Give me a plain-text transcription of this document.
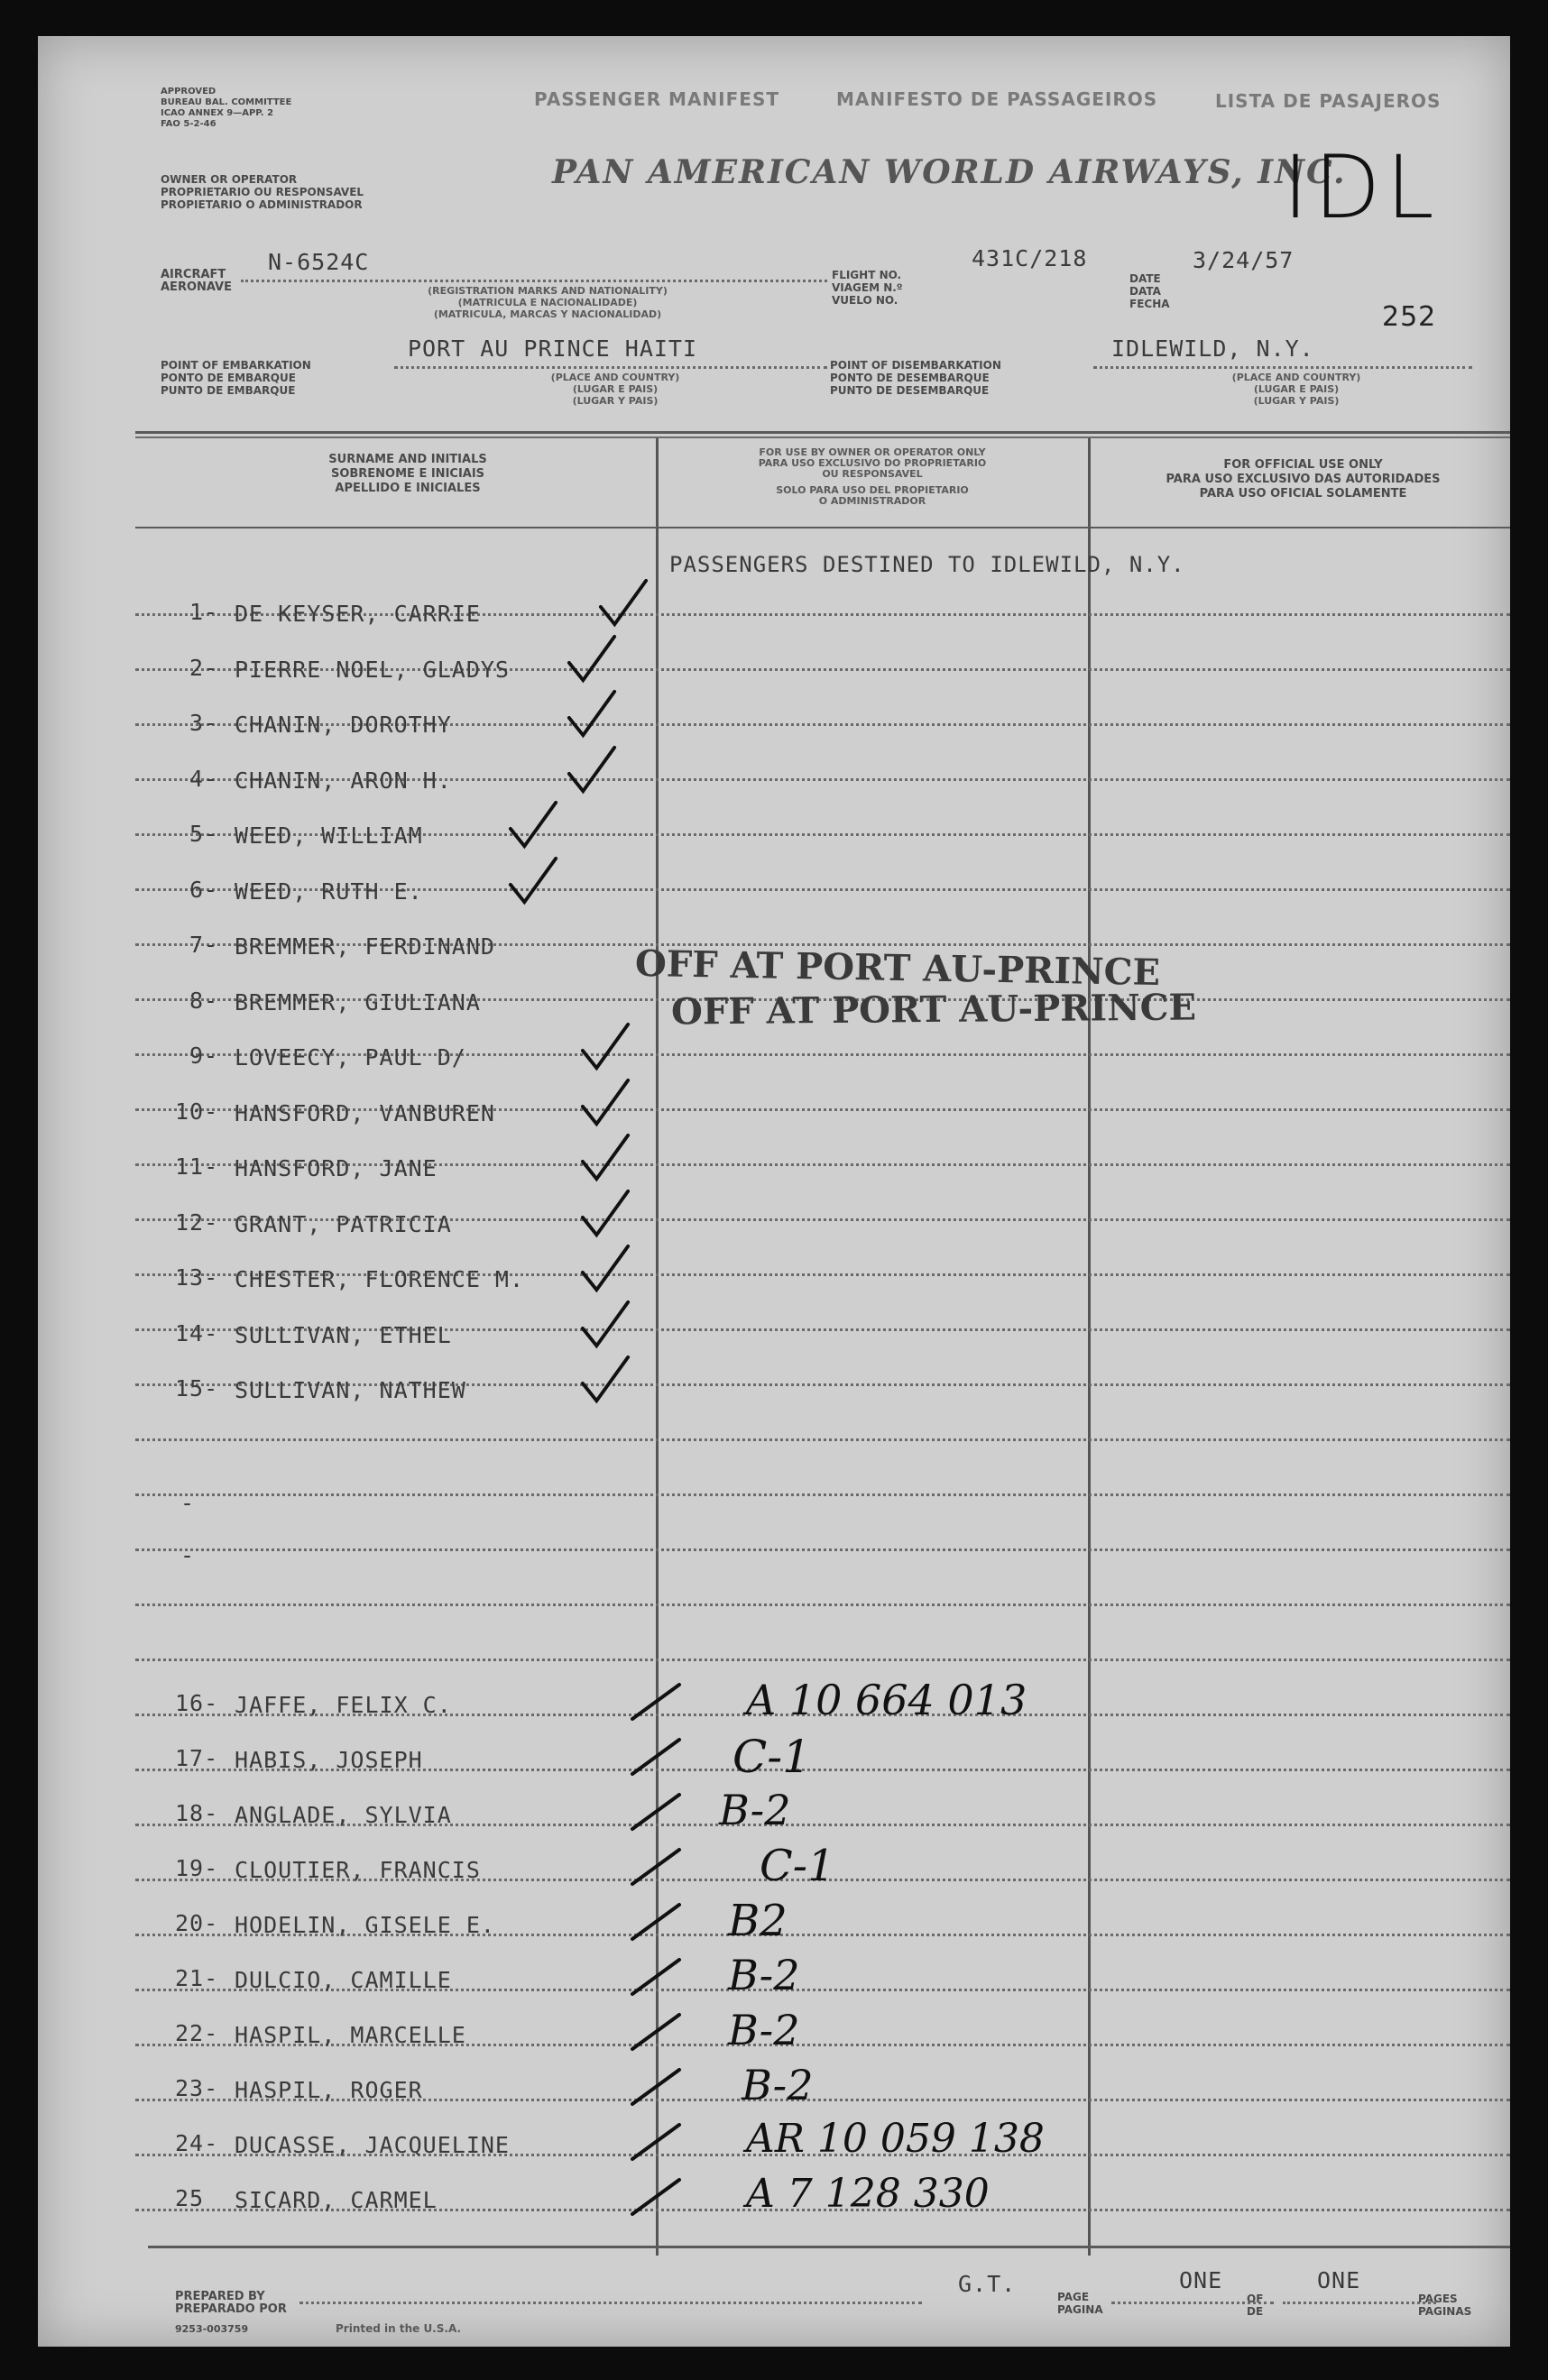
APPROVED
BUREAU BAL. COMMITTEE
ICAO ANNEX 9—APP. 2
FAO 5-2-46
PASSENGER MANIFEST	MANIFESTO DE PASSAGEIROS	LISTA DE PASAJEROS
OWNER OR OPERATOR
PROPRIETARIO OU RESPONSAVEL
PROPIETARIO O ADMINISTRADOR
PAN AMERICAN WORLD AIRWAYS, INC.
IDL
AIRCRAFT
AERONAVE
N-6524C
(REGISTRATION MARKS AND NATIONALITY)
(MATRICULA E NACIONALIDADE)
(MATRICULA, MARCAS Y NACIONALIDAD)
FLIGHT NO.
VIAGEM N.º
VUELO NO.
431C/218
DATE
DATA
FECHA
3/24/57
252
POINT OF EMBARKATION
PONTO DE EMBARQUE
PUNTO DE EMBARQUE
PORT AU PRINCE HAITI
(PLACE AND COUNTRY)
(LUGAR E PAIS)
(LUGAR Y PAIS)
POINT OF DISEMBARKATION
PONTO DE DESEMBARQUE
PUNTO DE DESEMBARQUE
IDLEWILD, N.Y.
(PLACE AND COUNTRY)
(LUGAR E PAIS)
(LUGAR Y PAIS)
SURNAME AND INITIALS
SOBRENOME E INICIAIS
APELLIDO E INICIALES
FOR USE BY OWNER OR OPERATOR ONLY
PARA USO EXCLUSIVO DO PROPRIETARIO
OU RESPONSAVEL
SOLO PARA USO DEL PROPIETARIO
O ADMINISTRADOR
FOR OFFICIAL USE ONLY
PARA USO EXCLUSIVO DAS AUTORIDADES
PARA USO OFICIAL SOLAMENTE
PASSENGERS DESTINED TO IDLEWILD, N.Y.
1- DE KEYSER, CARRIE
2- PIERRE NOEL, GLADYS
3- CHANIN, DOROTHY
4- CHANIN, ARON H.
5- WEED, WILLIAM
6- WEED, RUTH E.
7- BREMMER, FERDINAND
8- BREMMER, GIULIANA
9- LOVEECY, PAUL D/
10- HANSFORD, VANBUREN
11- HANSFORD, JANE
12- GRANT, PATRICIA
13- CHESTER, FLORENCE M.
14- SULLIVAN, ETHEL
15- SULLIVAN, NATHEW
-
-
16- JAFFE, FELIX C.	A 10 664 013
17- HABIS, JOSEPH	C-1
18- ANGLADE, SYLVIA	B-2
19- CLOUTIER, FRANCIS	C-1
20- HODELIN, GISELE E.	B2
21- DULCIO, CAMILLE	B-2
22- HASPIL, MARCELLE	B-2
23- HASPIL, ROGER	B-2
24- DUCASSE, JACQUELINE	AR 10 059 138
25 SICARD, CARMEL	A 7 128 330
OFF AT PORT AU-PRINCE
OFF AT PORT AU-PRINCE
PREPARED BY
PREPARADO POR
9253-003759	Printed in the U.S.A.
G.T.	PAGE
PAGINA
ONE
OF
DE
ONE
PAGES
PAGINAS
